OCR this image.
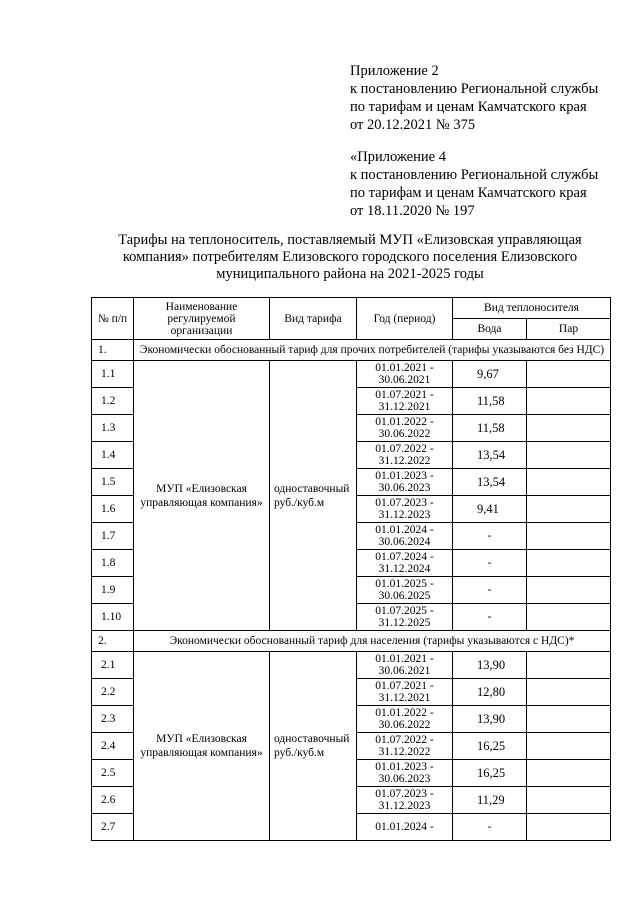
Приложение 2
к постановлению Региональной службы
по тарифам и ценам Камчатского края
от 20.12.2021 № 375
«Приложение 4
к постановлению Региональной службы
по тарифам и ценам Камчатского края
от 18.11.2020 № 197
Тарифы на теплоноситель, поставляемый МУП «Елизовская управляющая компания» потребителям Елизовского городского поселения Елизовского муниципального района на 2021-2025 годы
№ п/п	Наименование регулируемой организации	Вид тарифа	Год (период)	Вид теплоносителя	
				Вода	Пар
1.	Экономически обоснованный тариф для прочих потребителей (тарифы указываются без НДС)				
1.1	МУП «Елизовская управляющая компания»	одноставочный руб./куб.м	01.01.2021 - 30.06.2021	9,67	
1.2			01.07.2021 - 31.12.2021	11,58	
1.3			01.01.2022 - 30.06.2022	11,58	
1.4			01.07.2022 - 31.12.2022	13,54	
1.5			01.01.2023 - 30.06.2023	13,54	
1.6			01.07.2023 - 31.12.2023	9,41	
1.7			01.01.2024 - 30.06.2024	-	
1.8			01.07.2024 - 31.12.2024	-	
1.9			01.01.2025 - 30.06.2025	-	
1.10			01.07.2025 - 31.12.2025	-	
2.	Экономически обоснованный тариф для населения (тарифы указываются с НДС)*				
2.1	МУП «Елизовская управляющая компания»	одноставочный руб./куб.м	01.01.2021 - 30.06.2021	13,90	
2.2			01.07.2021 - 31.12.2021	12,80	
2.3			01.01.2022 - 30.06.2022	13,90	
2.4			01.07.2022 - 31.12.2022	16,25	
2.5			01.01.2023 - 30.06.2023	16,25	
2.6			01.07.2023 - 31.12.2023	11,29	
2.7			01.01.2024 -	-	
